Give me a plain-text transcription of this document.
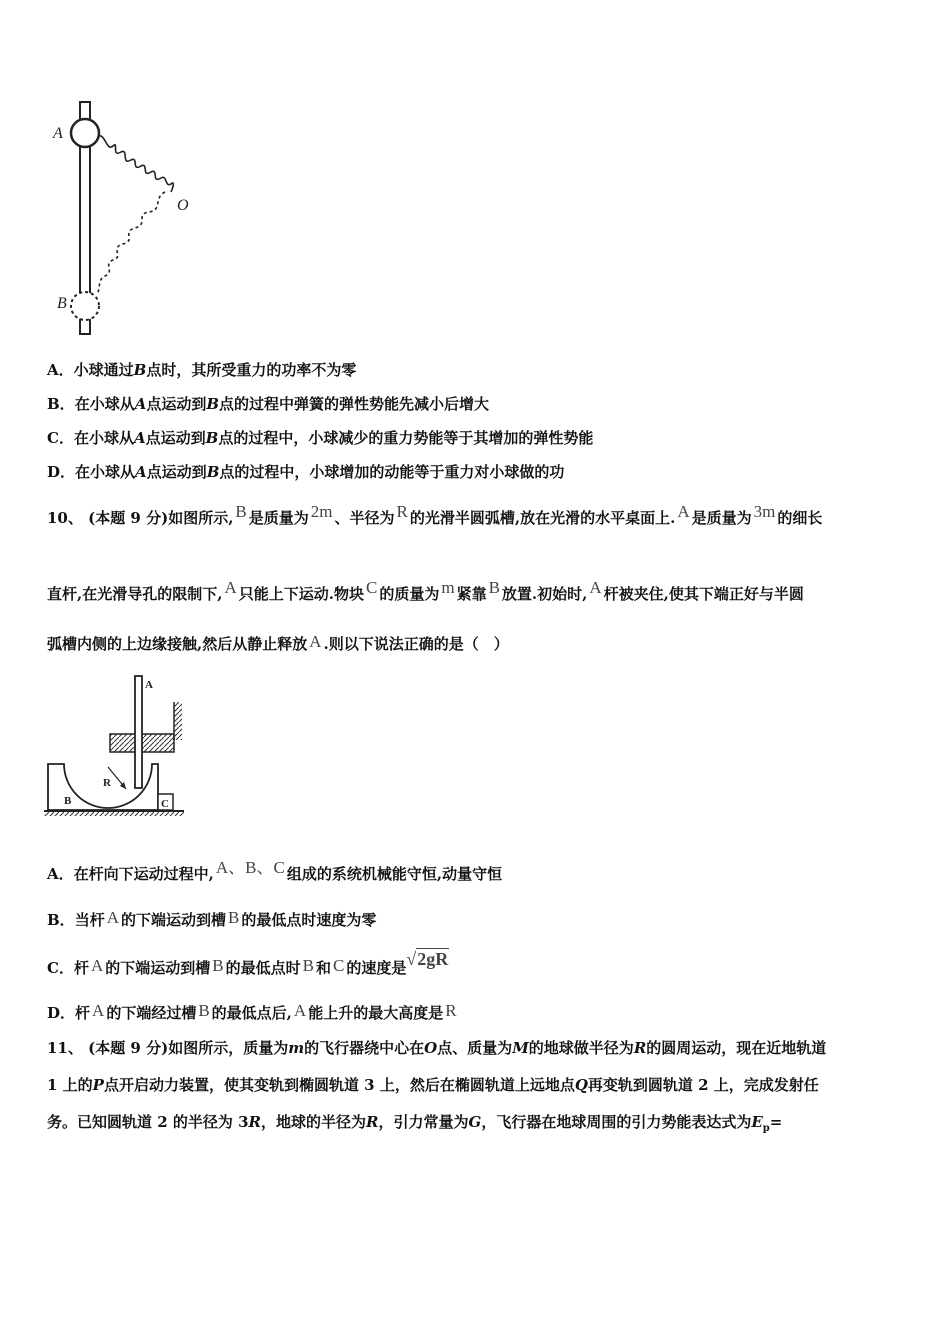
A
O
B
A．小球通过B点时，其所受重力的功率不为零
B．在小球从A点运动到B点的过程中弹簧的弹性势能先减小后增大
C．在小球从A点运动到B点的过程中，小球减少的重力势能等于其增加的弹性势能
D．在小球从A点运动到B点的过程中，小球增加的动能等于重力对小球做的功
10、 (本题 9 分)如图所示, B 是质量为 2m 、半径为 R 的光滑半圆弧槽,放在光滑的水平桌面上. A 是质量为 3m 的细长
直杆,在光滑导孔的限制下, A 只能上下运动.物块 C 的质量为 m 紧靠 B 放置.初始时, A 杆被夹住,使其下端正好与半圆
弧槽内侧的上边缘接触,然后从静止释放 A .则以下说法正确的是（　）
A
R
B	C
A．在杆向下运动过程中, A、B、C 组成的系统机械能守恒,动量守恒
B．当杆 A 的下端运动到槽 B 的最低点时速度为零
C．杆 A 的下端运动到槽 B 的最低点时 B 和 C 的速度是√2gR
D．杆 A 的下端经过槽 B 的最低点后, A 能上升的最大高度是 R
11、 (本题 9 分)如图所示，质量为m的飞行器绕中心在O点、质量为M的地球做半径为R的圆周运动，现在近地轨道
1 上的P点开启动力装置，使其变轨到椭圆轨道 3 上，然后在椭圆轨道上远地点Q再变轨到圆轨道 2 上，完成发射任
务。已知圆轨道 2 的半径为 3R，地球的半径为R，引力常量为G，飞行器在地球周围的引力势能表达式为$E_p=$
